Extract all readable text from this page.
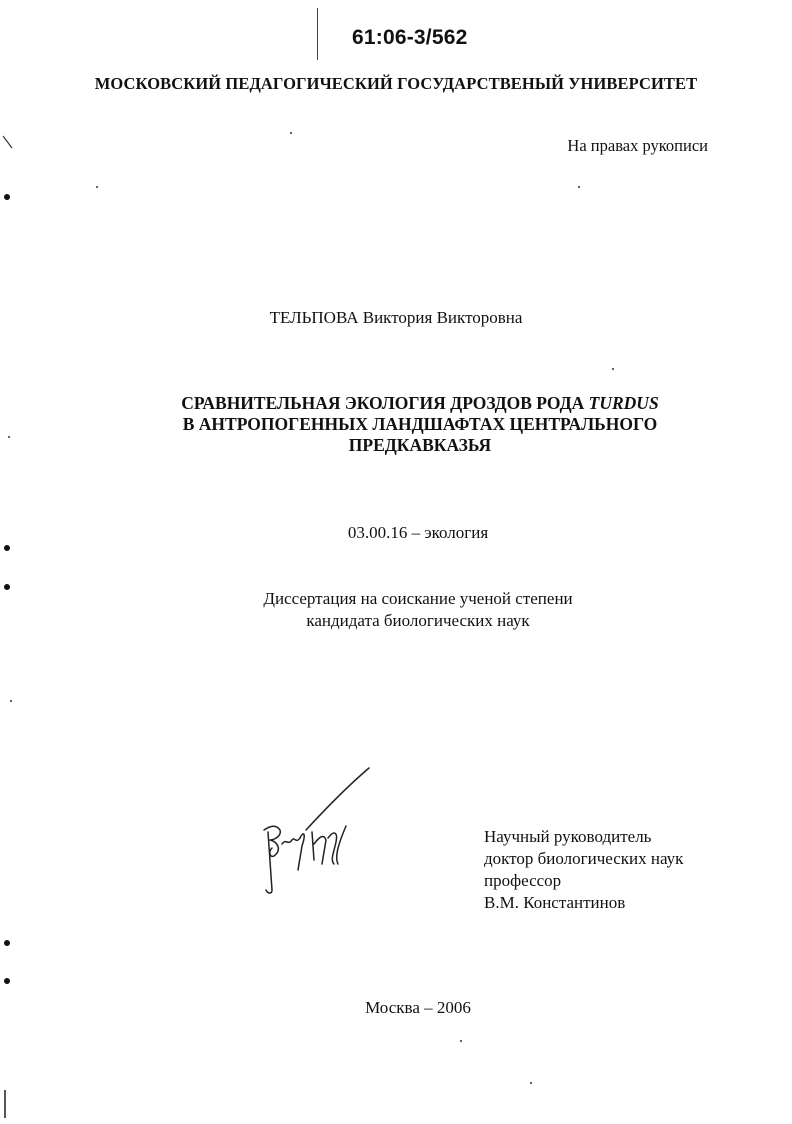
61:06-3/562
МОСКОВСКИЙ ПЕДАГОГИЧЕСКИЙ ГОСУДАРСТВЕНЫЙ УНИВЕРСИТЕТ
На правах рукописи
ТЕЛЬПОВА Виктория Викторовна
СРАВНИТЕЛЬНАЯ ЭКОЛОГИЯ ДРОЗДОВ РОДА TURDUS
В АНТРОПОГЕННЫХ ЛАНДШАФТАХ ЦЕНТРАЛЬНОГО
ПРЕДКАВКАЗЬЯ
03.00.16 – экология
Диссертация на соискание ученой степени
кандидата биологических наук
Научный руководитель
доктор биологических наук
профессор
В.М. Константинов
Москва – 2006
